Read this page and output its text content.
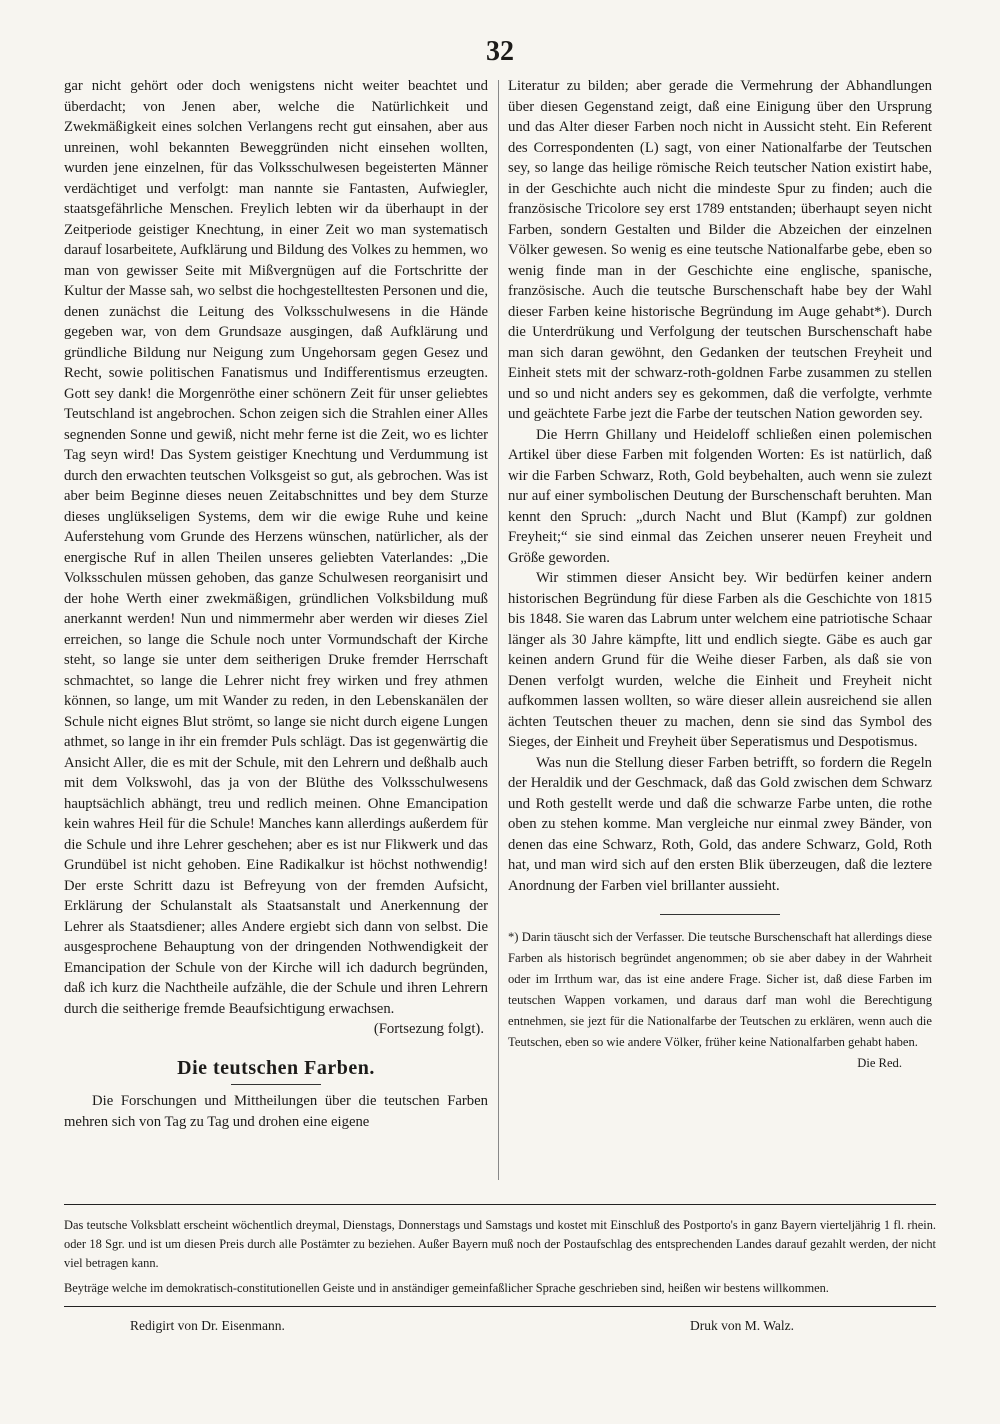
32

gar nicht gehört oder doch wenigstens nicht weiter beachtet und überdacht; von Jenen aber, welche die Natürlichkeit und Zwekmäßigkeit eines solchen Verlangens recht gut einsahen, aber aus unreinen, wohl bekannten Beweggründen nicht einsehen wollten, wurden jene einzelnen, für das Volksschulwesen begeisterten Männer verdächtiget und verfolgt: man nannte sie Fantasten, Aufwiegler, staatsgefährliche Menschen. Freylich lebten wir da überhaupt in der Zeitperiode geistiger Knechtung, in einer Zeit wo man systematisch darauf losarbeitete, Aufklärung und Bildung des Volkes zu hemmen, wo man von gewisser Seite mit Mißvergnügen auf die Fortschritte der Kultur der Masse sah, wo selbst die hochgestelltesten Personen und die, denen zunächst die Leitung des Volksschulwesens in die Hände gegeben war, von dem Grundsaze ausgingen, daß Aufklärung und gründliche Bildung nur Neigung zum Ungehorsam gegen Gesez und Recht, sowie politischen Fanatismus und Indifferentismus erzeugten. Gott sey dank! die Morgenröthe einer schönern Zeit für unser geliebtes Teutschland ist angebrochen. Schon zeigen sich die Strahlen einer Alles segnenden Sonne und gewiß, nicht mehr ferne ist die Zeit, wo es lichter Tag seyn wird! Das System geistiger Knechtung und Verdummung ist durch den erwachten teutschen Volksgeist so gut, als gebrochen. Was ist aber beim Beginne dieses neuen Zeitabschnittes und bey dem Sturze dieses unglükseligen Systems, dem wir die ewige Ruhe und keine Auferstehung vom Grunde des Herzens wünschen, natürlicher, als der energische Ruf in allen Theilen unseres geliebten Vaterlandes: „Die Volksschulen müssen gehoben, das ganze Schulwesen reorganisirt und der hohe Werth einer zwekmäßigen, gründlichen Volksbildung muß anerkannt werden! Nun und nimmermehr aber werden wir dieses Ziel erreichen, so lange die Schule noch unter Vormundschaft der Kirche steht, so lange sie unter dem seitherigen Druke fremder Herrschaft schmachtet, so lange die Lehrer nicht frey wirken und frey athmen können, so lange, um mit Wander zu reden, in den Lebenskanälen der Schule nicht eignes Blut strömt, so lange sie nicht durch eigene Lungen athmet, so lange in ihr ein fremder Puls schlägt. Das ist gegenwärtig die Ansicht Aller, die es mit der Schule, mit den Lehrern und deßhalb auch mit dem Volkswohl, das ja von der Blüthe des Volksschulwesens hauptsächlich abhängt, treu und redlich meinen. Ohne Emancipation kein wahres Heil für die Schule! Manches kann allerdings außerdem für die Schule und ihre Lehrer geschehen; aber es ist nur Flikwerk und das Grundübel ist nicht gehoben. Eine Radikalkur ist höchst nothwendig! Der erste Schritt dazu ist Befreyung von der fremden Aufsicht, Erklärung der Schulanstalt als Staatsanstalt und Anerkennung der Lehrer als Staatsdiener; alles Andere ergiebt sich dann von selbst. Die ausgesprochene Behauptung von der dringenden Nothwendigkeit der Emancipation der Schule von der Kirche will ich dadurch begründen, daß ich kurz die Nachtheile aufzähle, die der Schule und ihren Lehrern durch die seitherige fremde Beaufsichtigung erwachsen.

(Fortsezung folgt).
Die teutschen Farben.

Die Forschungen und Mittheilungen über die teutschen Farben mehren sich von Tag zu Tag und drohen eine eigene

Literatur zu bilden; aber gerade die Vermehrung der Abhandlungen über diesen Gegenstand zeigt, daß eine Einigung über den Ursprung und das Alter dieser Farben noch nicht in Aussicht steht. Ein Referent des Correspondenten (L) sagt, von einer Nationalfarbe der Teutschen sey, so lange das heilige römische Reich teutscher Nation existirt habe, in der Geschichte auch nicht die mindeste Spur zu finden; auch die französische Tricolore sey erst 1789 entstanden; überhaupt seyen nicht Farben, sondern Gestalten und Bilder die Abzeichen der einzelnen Völker gewesen. So wenig es eine teutsche Nationalfarbe gebe, eben so wenig finde man in der Geschichte eine englische, spanische, französische. Auch die teutsche Burschenschaft habe bey der Wahl dieser Farben keine historische Begründung im Auge gehabt*). Durch die Unterdrükung und Verfolgung der teutschen Burschenschaft habe man sich daran gewöhnt, den Gedanken der teutschen Freyheit und Einheit stets mit der schwarz-roth-goldnen Farbe zusammen zu stellen und so und nicht anders sey es gekommen, daß die verfolgte, verhmte und geächtete Farbe jezt die Farbe der teutschen Nation geworden sey.

Die Herrn Ghillany und Heideloff schließen einen polemischen Artikel über diese Farben mit folgenden Worten: Es ist natürlich, daß wir die Farben Schwarz, Roth, Gold beybehalten, auch wenn sie zulezt nur auf einer symbolischen Deutung der Burschenschaft beruhten. Man kennt den Spruch: „durch Nacht und Blut (Kampf) zur goldnen Freyheit;“ sie sind einmal das Zeichen unserer neuen Freyheit und Größe geworden.

Wir stimmen dieser Ansicht bey. Wir bedürfen keiner andern historischen Begründung für diese Farben als die Geschichte von 1815 bis 1848. Sie waren das Labrum unter welchem eine patriotische Schaar länger als 30 Jahre kämpfte, litt und endlich siegte. Gäbe es auch gar keinen andern Grund für die Weihe dieser Farben, als daß sie von Denen verfolgt wurden, welche die Einheit und Freyheit nicht aufkommen lassen wollten, so wäre dieser allein ausreichend sie allen ächten Teutschen theuer zu machen, denn sie sind das Symbol des Sieges, der Einheit und Freyheit über Seperatismus und Despotismus.

Was nun die Stellung dieser Farben betrifft, so fordern die Regeln der Heraldik und der Geschmack, daß das Gold zwischen dem Schwarz und Roth gestellt werde und daß die schwarze Farbe unten, die rothe oben zu stehen komme. Man vergleiche nur einmal zwey Bänder, von denen das eine Schwarz, Roth, Gold, das andere Schwarz, Gold, Roth hat, und man wird sich auf den ersten Blik überzeugen, daß die leztere Anordnung der Farben viel brillanter aussieht.

*) Darin täuscht sich der Verfasser. Die teutsche Burschenschaft hat allerdings diese Farben als historisch begründet angenommen; ob sie aber dabey in der Wahrheit oder im Irrthum war, das ist eine andere Frage. Sicher ist, daß diese Farben im teutschen Wappen vorkamen, und daraus darf man wohl die Berechtigung entnehmen, sie jezt für die Nationalfarbe der Teutschen zu erklären, wenn auch die Teutschen, eben so wie andere Völker, früher keine Nationalfarben gehabt haben.
Die Red.

Das teutsche Volksblatt erscheint wöchentlich dreymal, Dienstags, Donnerstags und Samstags und kostet mit Einschluß des Postporto's in ganz Bayern vierteljährig 1 fl. rhein. oder 18 Sgr. und ist um diesen Preis durch alle Postämter zu beziehen. Außer Bayern muß noch der Postaufschlag des entsprechenden Landes darauf gezahlt werden, der nicht viel betragen kann.

Beyträge welche im demokratisch-constitutionellen Geiste und in anständiger gemeinfaßlicher Sprache geschrieben sind, heißen wir bestens willkommen.

Redigirt von Dr. Eisenmann.	Druk von M. Walz.
